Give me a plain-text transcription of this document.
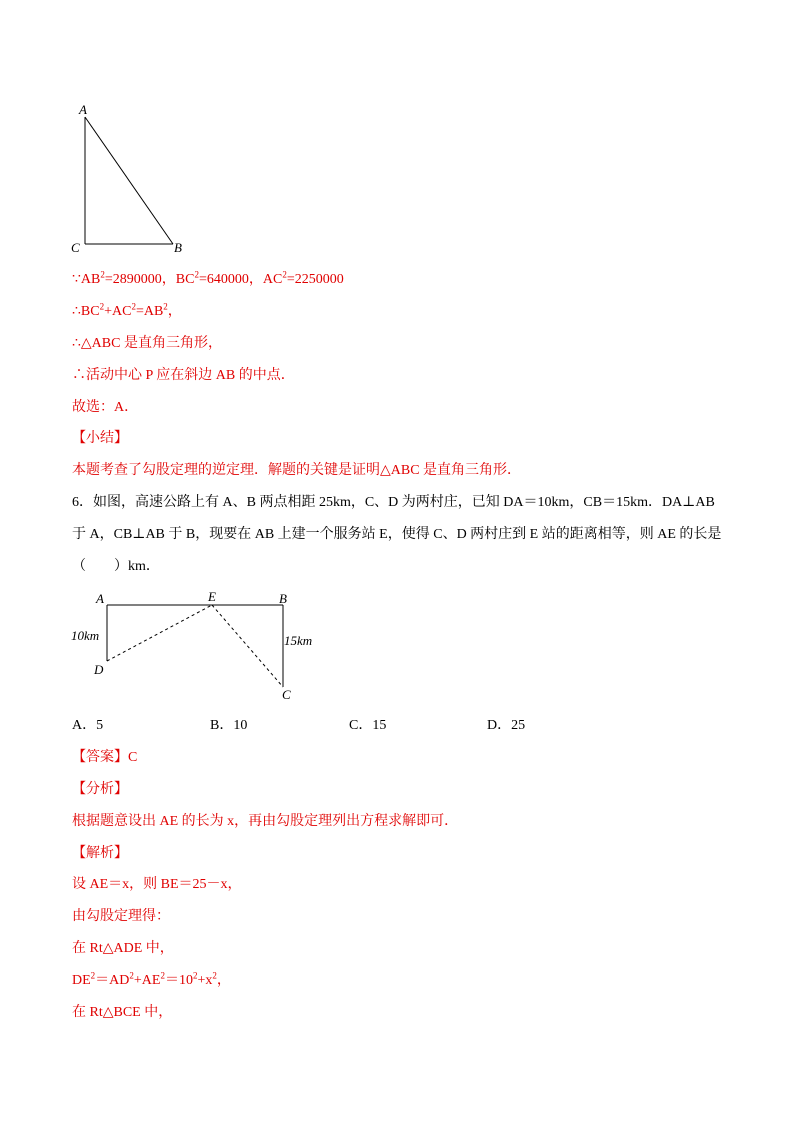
A
C	B
$\because AB^2=2890000$，$BC^2=640000$，$AC^2=2250000$
$\therefore BC^2+AC^2=AB^2$，
∴△ABC 是直角三角形，
∴活动中心 P 应在斜边 AB 的中点．
故选：A．
【小结】
本题考查了勾股定理的逆定理．解题的关键是证明△ABC 是直角三角形．
6．如图，高速公路上有 A、B 两点相距 25km，C、D 为两村庄，已知 DA＝10km，CB＝15km．DA⊥AB
于 A，CB⊥AB 于 B，现要在 AB 上建一个服务站 E，使得 C、D 两村庄到 E 站的距离相等，则 AE 的长是
（　　）km．
A	E	B
D
C
10km	15km
A．5	B．10	C．15	D．25
【答案】C
【分析】
根据题意设出 AE 的长为 x，再由勾股定理列出方程求解即可．
【解析】
设 AE＝x，则 BE＝25－x，
由勾股定理得：
在 Rt△ADE 中，
$DE^2=AD^2+AE^2=10^2+x^2$，
在 Rt△BCE 中，
